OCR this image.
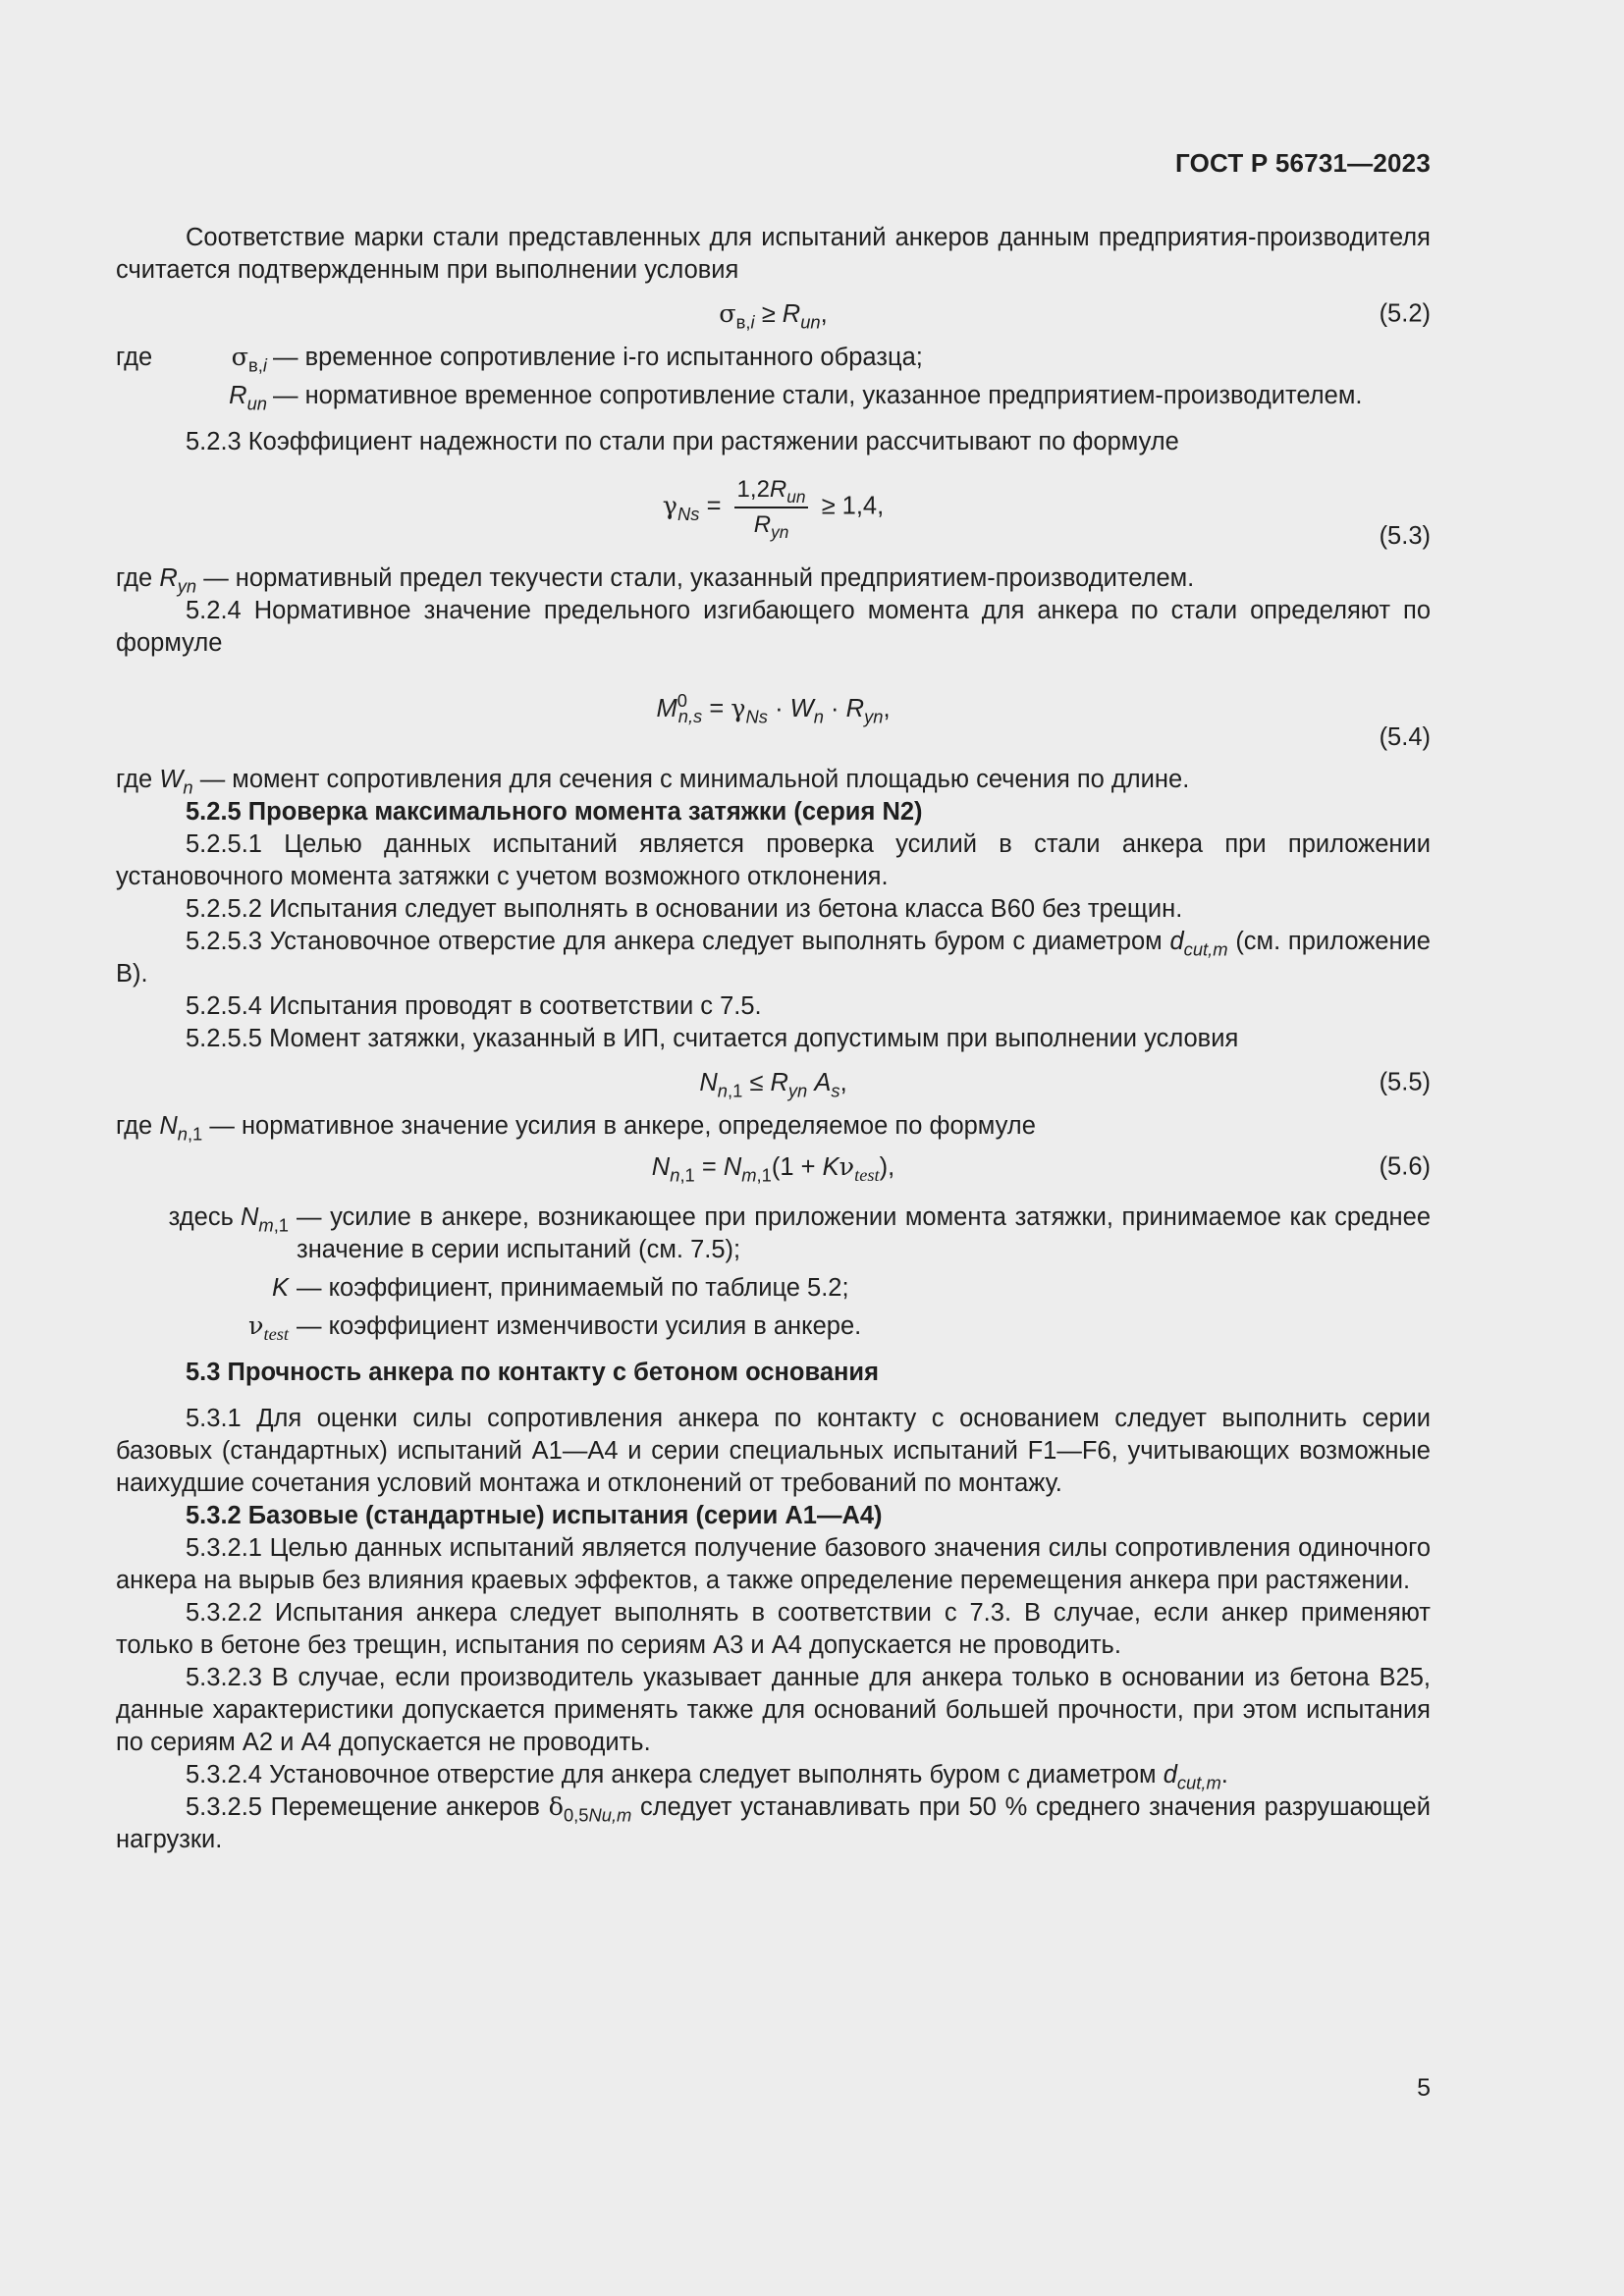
ГОСТ Р 56731—2023

Соответствие марки стали представленных для испытаний анкеров данным предприятия-производителя считается подтвержденным при выполнении условия

$\sigma_{в,i} \ge R_{un}$,	(5.2)
где	$\sigma_{в,i}$ — временное сопротивление i-го испытанного образца;
$R_{un}$ — нормативное временное сопротивление стали, указанное предприятием-производителем.

5.2.3 Коэффициент надежности по стали при растяжении рассчитывают по формуле

$\gamma_{Ns} = \frac{1,2R_{un}}{R_{yn}} \ge 1,4$,
(5.3)

где $R_{yn}$ — нормативный предел текучести стали, указанный предприятием-производителем.

5.2.4 Нормативное значение предельного изгибающего момента для анкера по стали определяют по формуле

$M^0_{n,s} = \gamma_{Ns} \cdot W_n \cdot R_{yn}$,
(5.4)

где $W_n$ — момент сопротивления для сечения с минимальной площадью сечения по длине.

5.2.5 Проверка максимального момента затяжки (серия N2)

5.2.5.1 Целью данных испытаний является проверка усилий в стали анкера при приложении установочного момента затяжки с учетом возможного отклонения.

5.2.5.2 Испытания следует выполнять в основании из бетона класса B60 без трещин.

5.2.5.3 Установочное отверстие для анкера следует выполнять буром с диаметром $d_{cut,m}$ (см. приложение В).

5.2.5.4 Испытания проводят в соответствии с 7.5.

5.2.5.5 Момент затяжки, указанный в ИП, считается допустимым при выполнении условия

$N_{n,1} \le R_{yn}$ $A_s$,	(5.5)

где $N_{n,1}$ — нормативное значение усилия в анкере, определяемое по формуле

$N_{n,1} = N_{m,1}(1 + K\nu_{test})$,	(5.6)
здесь $N_{m,1}$ — усилие в анкере, возникающее при приложении момента затяжки, принимаемое как среднее значение в серии испытаний (см. 7.5);
K — коэффициент, принимаемый по таблице 5.2;
$\nu_{test}$ — коэффициент изменчивости усилия в анкере.

5.3 Прочность анкера по контакту с бетоном основания

5.3.1 Для оценки силы сопротивления анкера по контакту с основанием следует выполнить серии базовых (стандартных) испытаний А1—А4 и серии специальных испытаний F1—F6, учитывающих возможные наихудшие сочетания условий монтажа и отклонений от требований по монтажу.

5.3.2 Базовые (стандартные) испытания (серии А1—А4)

5.3.2.1 Целью данных испытаний является получение базового значения силы сопротивления одиночного анкера на вырыв без влияния краевых эффектов, а также определение перемещения анкера при растяжении.

5.3.2.2 Испытания анкера следует выполнять в соответствии с 7.3. В случае, если анкер применяют только в бетоне без трещин, испытания по сериям А3 и А4 допускается не проводить.

5.3.2.3 В случае, если производитель указывает данные для анкера только в основании из бетона B25, данные характеристики допускается применять также для оснований большей прочности, при этом испытания по сериям А2 и А4 допускается не проводить.

5.3.2.4 Установочное отверстие для анкера следует выполнять буром с диаметром $d_{cut,m}$.

5.3.2.5 Перемещение анкеров $\delta_{0,5Nu,m}$ следует устанавливать при 50 % среднего значения разрушающей нагрузки.

5
